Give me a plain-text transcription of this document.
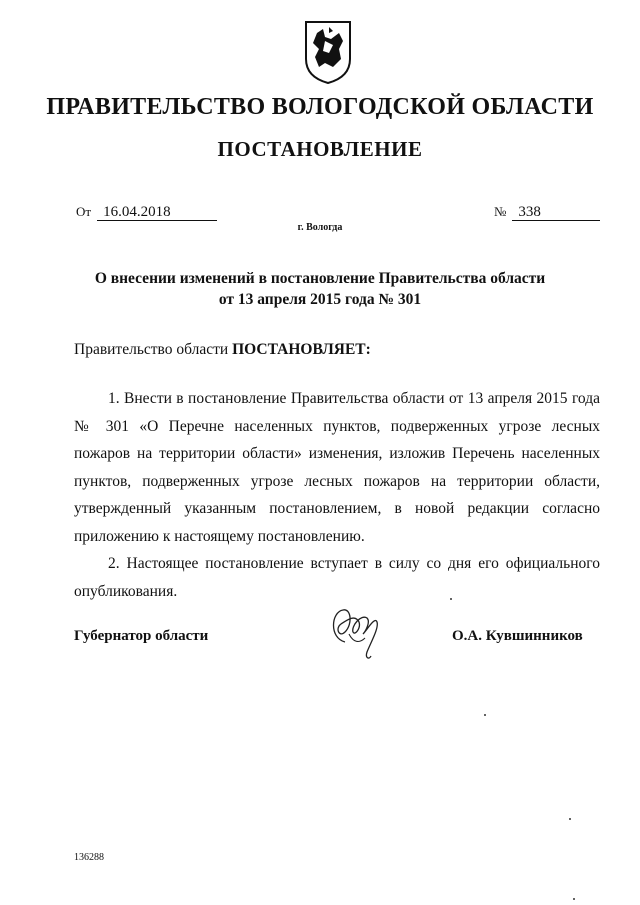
ПРАВИТЕЛЬСТВО ВОЛОГОДСКОЙ ОБЛАСТИ
ПОСТАНОВЛЕНИЕ
От 16.04.2018	№ 338
г. Вологда
О внесении изменений в постановление Правительства области
от 13 апреля 2015 года № 301
Правительство области ПОСТАНОВЛЯЕТ:

1. Внести в постановление Правительства области от 13 апреля 2015 года № 301 «О Перечне населенных пунктов, подверженных угрозе лесных пожаров на территории области» изменения, изложив Перечень населенных пунктов, подверженных угрозе лесных пожаров на территории области, утвержденный указанным постановлением, в новой редакции согласно приложению к настоящему постановлению.

2. Настоящее постановление вступает в силу со дня его официального опубликования.

Губернатор области	О.А. Кувшинников
136288
